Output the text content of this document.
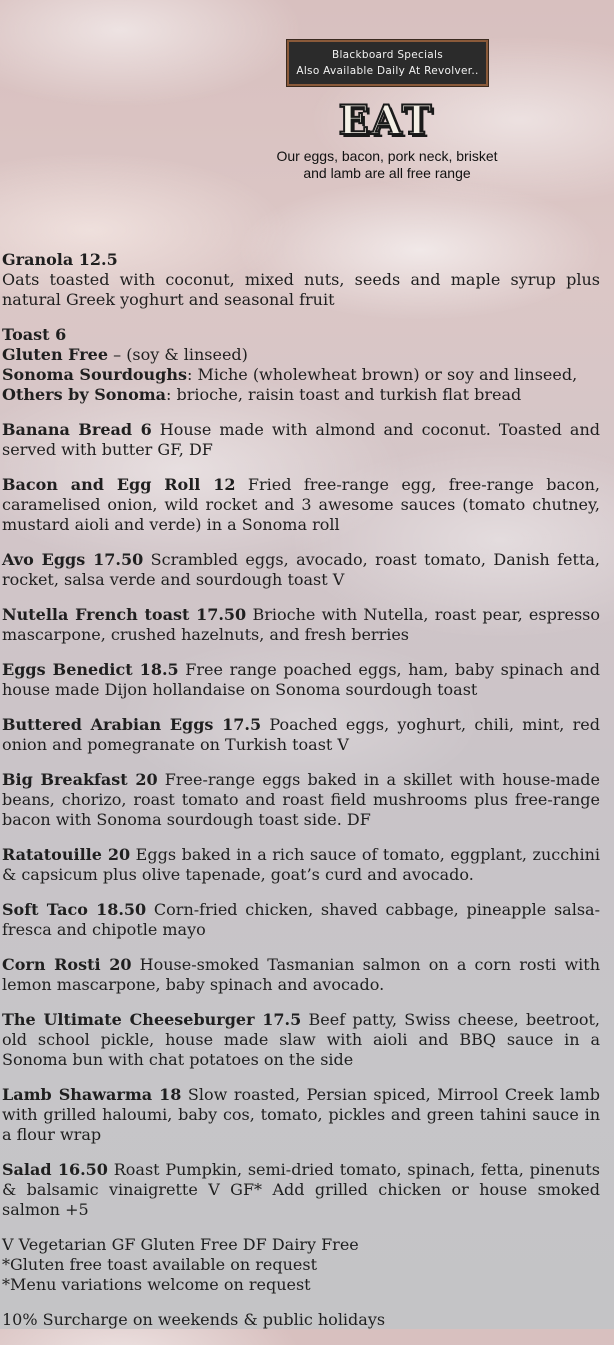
Blackboard Specials
Also Available Daily At Revolver..
EAT
Our eggs, bacon, pork neck, brisket
and lamb are all free range

Granola 12.5
Oats toasted with coconut, mixed nuts, seeds and maple syrup plus natural Greek yoghurt and seasonal fruit

Toast 6
Gluten Free – (soy & linseed)
Sonoma Sourdoughs: Miche (wholewheat brown) or soy and linseed,
Others by Sonoma: brioche, raisin toast and turkish flat bread

Banana Bread 6 House made with almond and coconut. Toasted and served with butter GF, DF

Bacon and Egg Roll 12 Fried free-range egg, free-range bacon, caramelised onion, wild rocket and 3 awesome sauces (tomato chutney, mustard aioli and verde) in a Sonoma roll

Avo Eggs 17.50 Scrambled eggs, avocado, roast tomato, Danish fetta, rocket, salsa verde and sourdough toast V

Nutella French toast 17.50 Brioche with Nutella, roast pear, espresso mascarpone, crushed hazelnuts, and fresh berries

Eggs Benedict 18.5 Free range poached eggs, ham, baby spinach and house made Dijon hollandaise on Sonoma sourdough toast

Buttered Arabian Eggs 17.5 Poached eggs, yoghurt, chili, mint, red onion and pomegranate on Turkish toast V

Big Breakfast 20 Free-range eggs baked in a skillet with house-made beans, chorizo, roast tomato and roast field mushrooms plus free-range bacon with Sonoma sourdough toast side. DF

Ratatouille 20 Eggs baked in a rich sauce of tomato, eggplant, zucchini & capsicum plus olive tapenade, goat’s curd and avocado.

Soft Taco 18.50 Corn-fried chicken, shaved cabbage, pineapple salsa-fresca and chipotle mayo

Corn Rosti 20 House-smoked Tasmanian salmon on a corn rosti with lemon mascarpone, baby spinach and avocado.

The Ultimate Cheeseburger 17.5 Beef patty, Swiss cheese, beetroot, old school pickle, house made slaw with aioli and BBQ sauce in a Sonoma bun with chat potatoes on the side

Lamb Shawarma 18 Slow roasted, Persian spiced, Mirrool Creek lamb with grilled haloumi, baby cos, tomato, pickles and green tahini sauce in a flour wrap

Salad 16.50 Roast Pumpkin, semi-dried tomato, spinach, fetta, pinenuts & balsamic vinaigrette V GF* Add grilled chicken or house smoked salmon +5

V Vegetarian GF Gluten Free DF Dairy Free
*Gluten free toast available on request
*Menu variations welcome on request

10% Surcharge on weekends & public holidays
